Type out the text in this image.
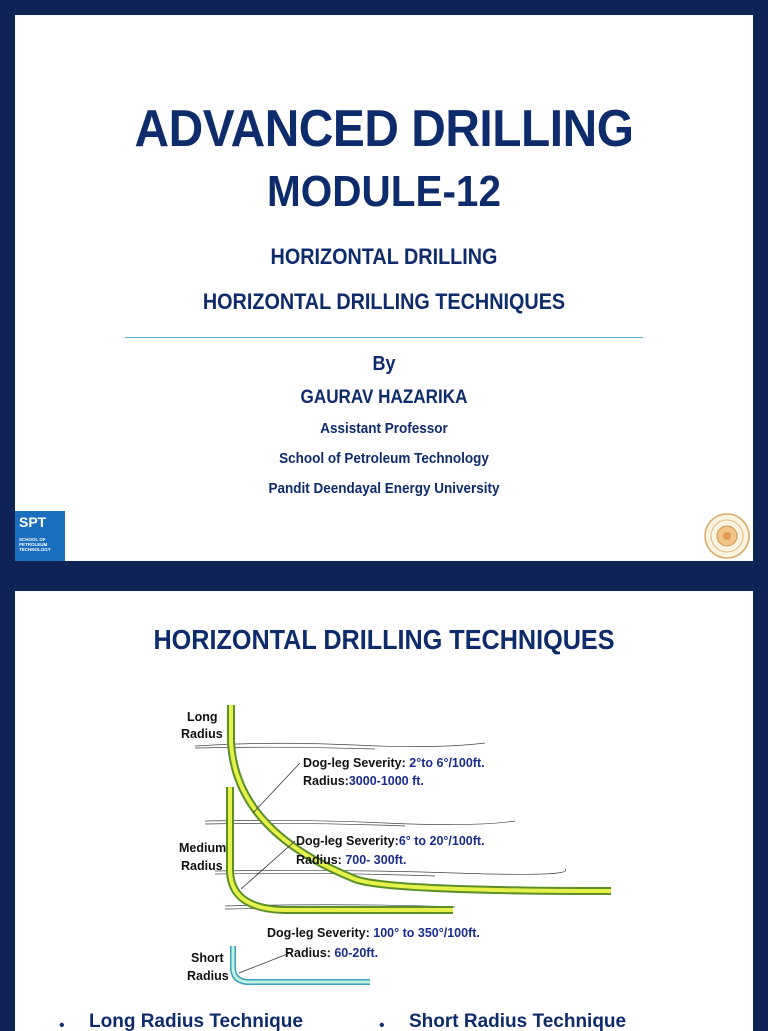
ADVANCED DRILLING

MODULE-12

HORIZONTAL DRILLING

HORIZONTAL DRILLING TECHNIQUES

By

GAURAV HAZARIKA

Assistant Professor

School of Petroleum Technology

Pandit Deendayal Energy University

SPT
SCHOOL OF PETROLEUM TECHNOLOGY

HORIZONTAL DRILLING TECHNIQUES

Long
Radius
Dog-leg Severity: 2°to 6°/100ft.
Radius:3000-1000 ft.
Medium
Radius
Dog-leg Severity:6° to 20°/100ft.
Radius: 700- 300ft.
Dog-leg Severity: 100° to 350°/100ft.
Radius: 60-20ft.
Short
Radius
• Long Radius Technique	• Short Radius Technique
